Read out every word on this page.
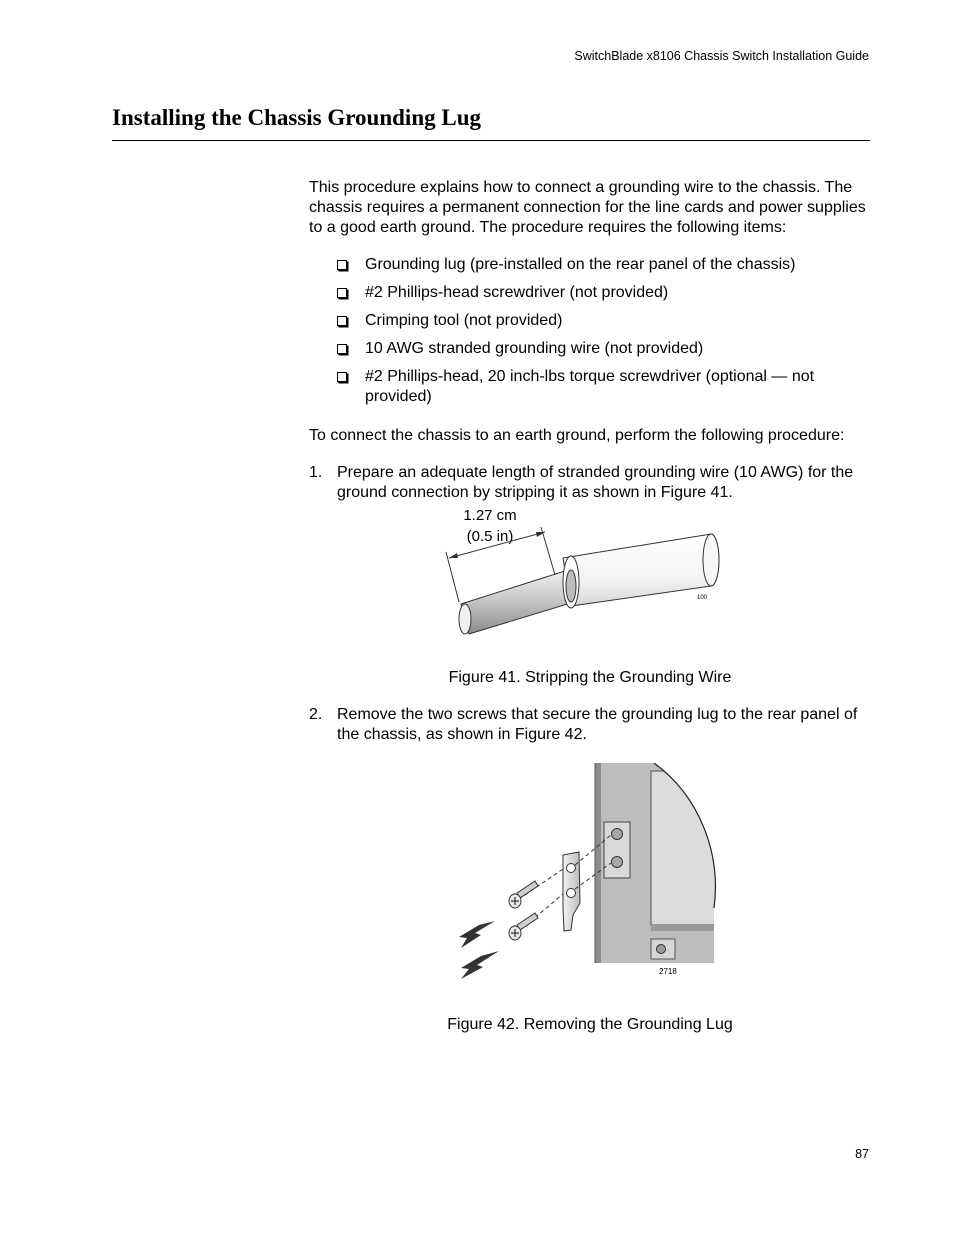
SwitchBlade x8106 Chassis Switch Installation Guide
Installing the Chassis Grounding Lug

This procedure explains how to connect a grounding wire to the chassis. The chassis requires a permanent connection for the line cards and power supplies to a good earth ground. The procedure requires the following items:

Grounding lug (pre-installed on the rear panel of the chassis)
#2 Phillips-head screwdriver (not provided)
Crimping tool (not provided)
10 AWG stranded grounding wire (not provided)
#2 Phillips-head, 20 inch-lbs torque screwdriver (optional — not provided)

To connect the chassis to an earth ground, perform the following procedure:

1. Prepare an adequate length of stranded grounding wire (10 AWG) for the ground connection by stripping it as shown in Figure 41.
1.27 cm
(0.5 in)
100
Figure 41. Stripping the Grounding Wire
2. Remove the two screws that secure the grounding lug to the rear panel of the chassis, as shown in Figure 42.
2718
Figure 42. Removing the Grounding Lug
87
